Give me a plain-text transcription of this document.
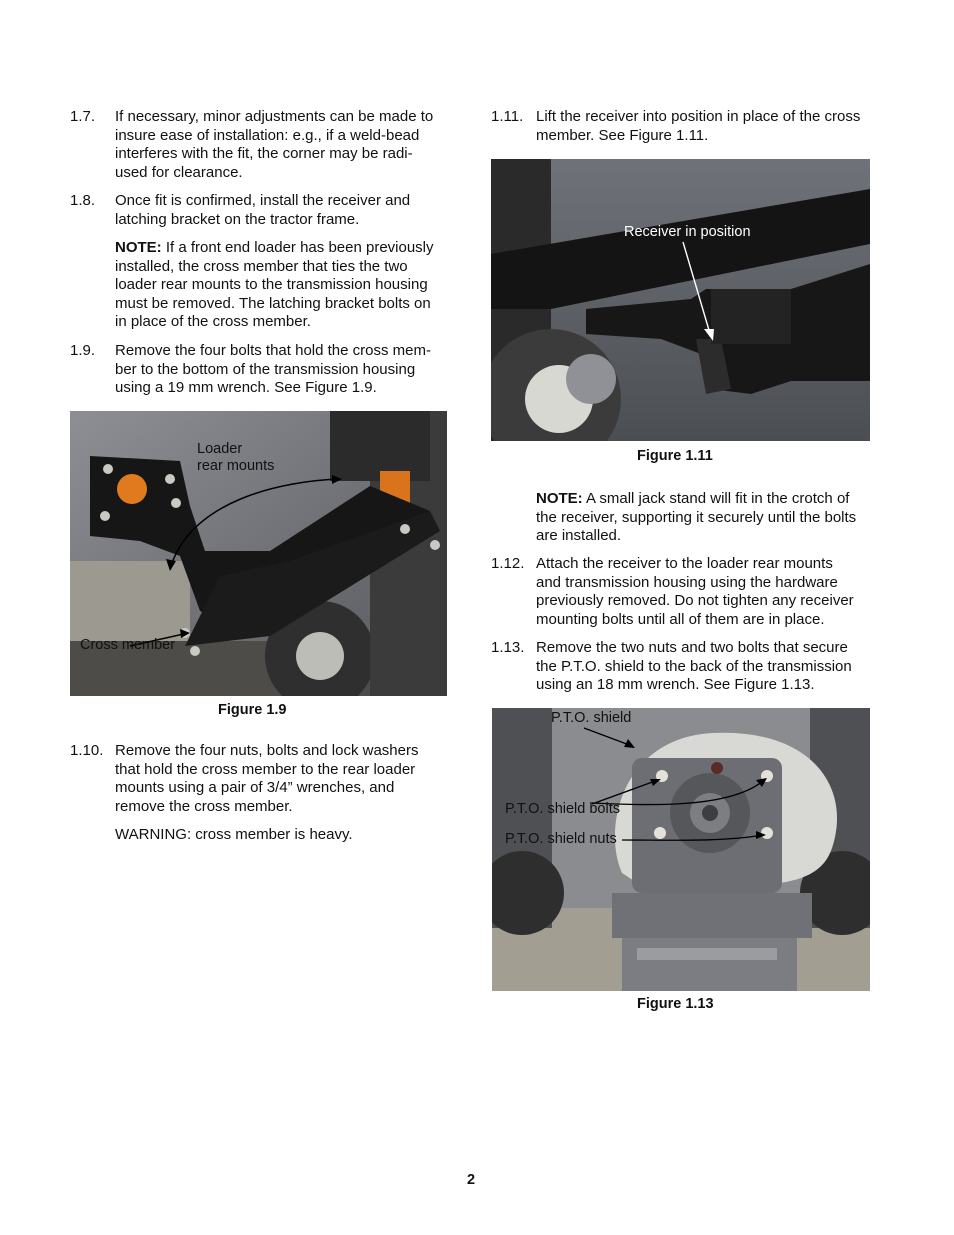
1.7. If necessary, minor adjustments can be made to
insure ease of installation: e.g., if a weld-bead
interferes with the fit, the corner may be radi-
used for clearance.
1.8. Once fit is confirmed, install the receiver and
latching bracket on the tractor frame.
NOTE: If a front end loader has been previously
installed, the cross member that ties the two
loader rear mounts to the transmission housing
must be removed. The latching bracket bolts on
in place of the cross member.
1.9. Remove the four bolts that hold the cross mem-
ber to the bottom of the transmission housing
using a 19 mm wrench. See Figure 1.9.
Loader
rear mounts
Cross member
Figure 1.9
1.10. Remove the four nuts, bolts and lock washers
that hold the cross member to the rear loader
mounts using a pair of 3/4” wrenches, and
remove the cross member.
WARNING: cross member is heavy.
1.11. Lift the receiver into position in place of the cross
member. See Figure 1.11.
Receiver in position
Figure 1.11
NOTE: A small jack stand will fit in the crotch of
the receiver, supporting it securely until the bolts
are installed.
1.12. Attach the receiver to the loader rear mounts
and transmission housing using the hardware
previously removed. Do not tighten any receiver
mounting bolts until all of them are in place.
1.13. Remove the two nuts and two bolts that secure
the P.T.O. shield to the back of the transmission
using an 18 mm wrench. See Figure 1.13.
P.T.O. shield
P.T.O. shield bolts
P.T.O. shield nuts
Figure 1.13
2
